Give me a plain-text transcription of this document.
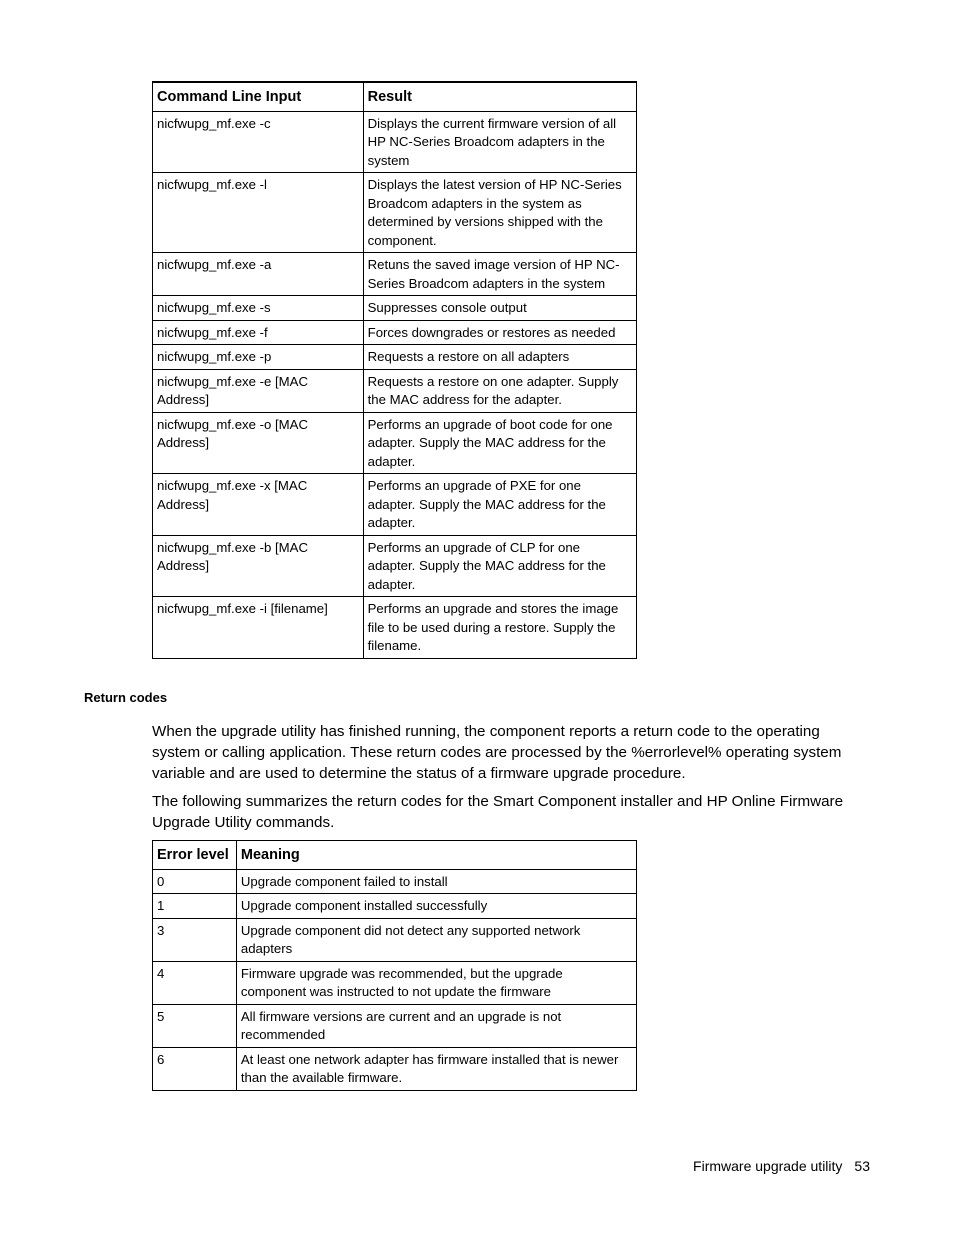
Command Line Input	Result
nicfwupg_mf.exe -c	Displays the current firmware version of all HP NC-Series Broadcom adapters in the system
nicfwupg_mf.exe -l	Displays the latest version of HP NC-Series Broadcom adapters in the system as determined by versions shipped with the component.
nicfwupg_mf.exe -a	Retuns the saved image version of HP NC-Series Broadcom adapters in the system
nicfwupg_mf.exe -s	Suppresses console output
nicfwupg_mf.exe -f	Forces downgrades or restores as needed
nicfwupg_mf.exe -p	Requests a restore on all adapters
nicfwupg_mf.exe -e [MAC Address]	Requests a restore on one adapter. Supply the MAC address for the adapter.
nicfwupg_mf.exe -o [MAC Address]	Performs an upgrade of boot code for one adapter. Supply the MAC address for the adapter.
nicfwupg_mf.exe -x [MAC Address]	Performs an upgrade of PXE for one adapter. Supply the MAC address for the adapter.
nicfwupg_mf.exe -b [MAC Address]	Performs an upgrade of CLP for one adapter. Supply the MAC address for the adapter.
nicfwupg_mf.exe -i [filename]	Performs an upgrade and stores the image file to be used during a restore. Supply the filename.
Return codes

When the upgrade utility has finished running, the component reports a return code to the operating system or calling application. These return codes are processed by the %errorlevel% operating system variable and are used to determine the status of a firmware upgrade procedure.

The following summarizes the return codes for the Smart Component installer and HP Online Firmware Upgrade Utility commands.

Error level	Meaning
0	Upgrade component failed to install
1	Upgrade component installed successfully
3	Upgrade component did not detect any supported network adapters
4	Firmware upgrade was recommended, but the upgrade component was instructed to not update the firmware
5	All firmware versions are current and an upgrade is not recommended
6	At least one network adapter has firmware installed that is newer than the available firmware.
Firmware upgrade utility 53
